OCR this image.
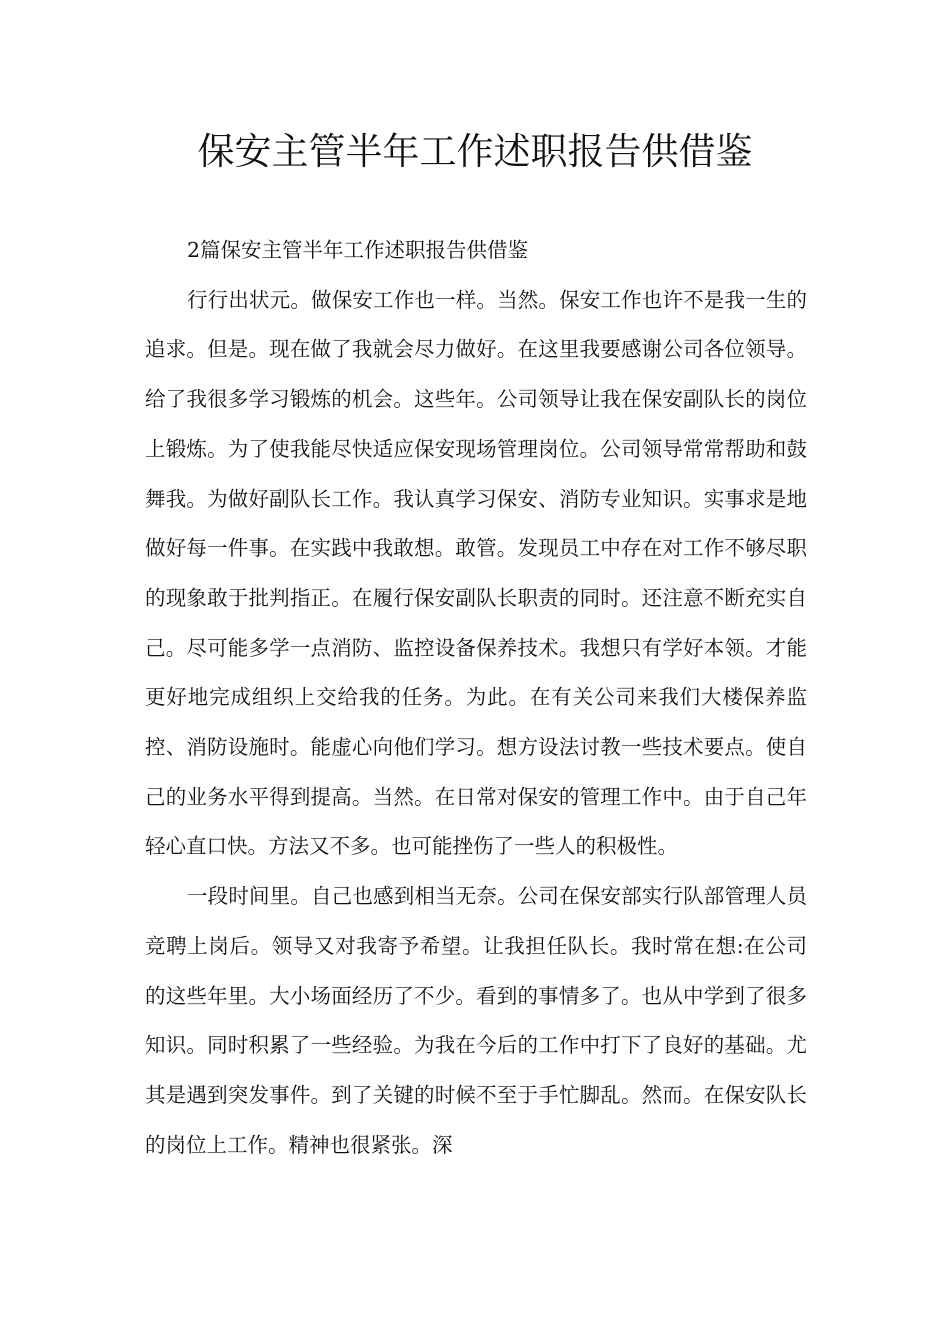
保安主管半年工作述职报告供借鉴

2篇保安主管半年工作述职报告供借鉴

行行出状元。做保安工作也一样。当然。保安工作也许不是我一生的追求。但是。现在做了我就会尽力做好。在这里我要感谢公司各位领导。给了我很多学习锻炼的机会。这些年。公司领导让我在保安副队长的岗位上锻炼。为了使我能尽快适应保安现场管理岗位。公司领导常常帮助和鼓舞我。为做好副队长工作。我认真学习保安、消防专业知识。实事求是地做好每一件事。在实践中我敢想。敢管。发现员工中存在对工作不够尽职的现象敢于批判指正。在履行保安副队长职责的同时。还注意不断充实自己。尽可能多学一点消防、监控设备保养技术。我想只有学好本领。才能更好地完成组织上交给我的任务。为此。在有关公司来我们大楼保养监控、消防设施时。能虚心向他们学习。想方设法讨教一些技术要点。使自己的业务水平得到提高。当然。在日常对保安的管理工作中。由于自己年轻心直口快。方法又不多。也可能挫伤了一些人的积极性。

一段时间里。自己也感到相当无奈。公司在保安部实行队部管理人员竞聘上岗后。领导又对我寄予希望。让我担任队长。我时常在想:在公司的这些年里。大小场面经历了不少。看到的事情多了。也从中学到了很多知识。同时积累了一些经验。为我在今后的工作中打下了良好的基础。尤其是遇到突发事件。到了关键的时候不至于手忙脚乱。然而。在保安队长的岗位上工作。精神也很紧张。深
